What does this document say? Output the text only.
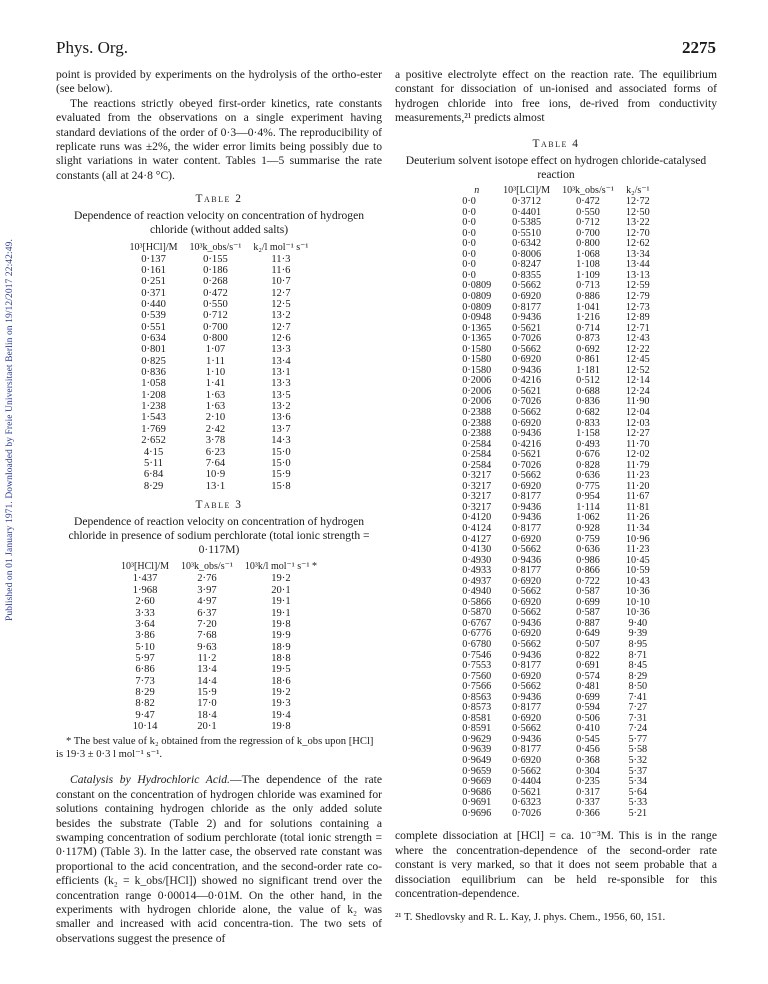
Published on 01 January 1971. Downloaded by Freie Universitaet Berlin on 19/12/2017 22:42:49.
Phys. Org.	2275

point is provided by experiments on the hydrolysis of the ortho-ester (see below).

The reactions strictly obeyed first-order kinetics, rate constants evaluated from the observations on a single experiment having standard deviations of the order of 0·3—0·4%. The reproducibility of replicate runs was ±2%, the wider error limits being possibly due to slight variations in water content. Tables 1—5 summarise the rate constants (all at 24·8 °C).

Table 2

Dependence of reaction velocity on concentration of hydrogen chloride (without added salts)

10³[HCl]/M	10³k_obs/s⁻¹	k₂/l mol⁻¹ s⁻¹
0·137	0·155	11·3
0·161	0·186	11·6
0·251	0·268	10·7
0·371	0·472	12·7
0·440	0·550	12·5
0·539	0·712	13·2
0·551	0·700	12·7
0·634	0·800	12·6
0·801	1·07	13·3
0·825	1·11	13·4
0·836	1·10	13·1
1·058	1·41	13·3
1·208	1·63	13·5
1·238	1·63	13·2
1·543	2·10	13·6
1·769	2·42	13·7
2·652	3·78	14·3
4·15	6·23	15·0
5·11	7·64	15·0
6·84	10·9	15·9
8·29	13·1	15·8

Table 3

Dependence of reaction velocity on concentration of hydrogen chloride in presence of sodium perchlorate (total ionic strength = 0·117M)

10³[HCl]/M	10³k_obs/s⁻¹	10³k/l mol⁻¹ s⁻¹ *
1·437	2·76	19·2
1·968	3·97	20·1
2·60	4·97	19·1
3·33	6·37	19·1
3·64	7·20	19·8
3·86	7·68	19·9
5·10	9·63	18·9
5·97	11·2	18·8
6·86	13·4	19·5
7·73	14·4	18·6
8·29	15·9	19·2
8·82	17·0	19·3
9·47	18·4	19·4
10·14	20·1	19·8

* The best value of k₂ obtained from the regression of k_obs upon [HCl] is 19·3 ± 0·3 l mol⁻¹ s⁻¹.

Catalysis by Hydrochloric Acid.—The dependence of the rate constant on the concentration of hydrogen chloride was examined for solutions containing hydrogen chloride as the only added solute besides the substrate (Table 2) and for solutions containing a swamping concentration of sodium perchlorate (total ionic strength = 0·117M) (Table 3). In the latter case, the observed rate constant was proportional to the acid concentration, and the second-order rate co-efficients (k₂ = k_obs/[HCl]) showed no significant trend over the concentration range 0·00014—0·01M. On the other hand, in the experiments with hydrogen chloride alone, the value of k₂ was smaller and increased with acid concentra-tion. The two sets of observations suggest the presence of

a positive electrolyte effect on the reaction rate. The equilibrium constant for dissociation of un-ionised and associated forms of hydrogen chloride into free ions, de-rived from conductivity measurements,²¹ predicts almost

Table 4

Deuterium solvent isotope effect on hydrogen chloride-catalysed reaction

n	10³[LCl]/M	10³k_obs/s⁻¹	k₂/s⁻¹
0·0	0·3712	0·472	12·72
0·0	0·4401	0·550	12·50
0·0	0·5385	0·712	13·22
0·0	0·5510	0·700	12·70
0·0	0·6342	0·800	12·62
0·0	0·8006	1·068	13·34
0·0	0·8247	1·108	13·44
0·0	0·8355	1·109	13·13
0·0809	0·5662	0·713	12·59
0·0809	0·6920	0·886	12·79
0·0809	0·8177	1·041	12·73
0·0948	0·9436	1·216	12·89
0·1365	0·5621	0·714	12·71
0·1365	0·7026	0·873	12·43
0·1580	0·5662	0·692	12·22
0·1580	0·6920	0·861	12·45
0·1580	0·9436	1·181	12·52
0·2006	0·4216	0·512	12·14
0·2006	0·5621	0·688	12·24
0·2006	0·7026	0·836	11·90
0·2388	0·5662	0·682	12·04
0·2388	0·6920	0·833	12·03
0·2388	0·9436	1·158	12·27
0·2584	0·4216	0·493	11·70
0·2584	0·5621	0·676	12·02
0·2584	0·7026	0·828	11·79
0·3217	0·5662	0·636	11·23
0·3217	0·6920	0·775	11·20
0·3217	0·8177	0·954	11·67
0·3217	0·9436	1·114	11·81
0·4120	0·9436	1·062	11·26
0·4124	0·8177	0·928	11·34
0·4127	0·6920	0·759	10·96
0·4130	0·5662	0·636	11·23
0·4930	0·9436	0·986	10·45
0·4933	0·8177	0·866	10·59
0·4937	0·6920	0·722	10·43
0·4940	0·5662	0·587	10·36
0·5866	0·6920	0·699	10·10
0·5870	0·5662	0·587	10·36
0·6767	0·9436	0·887	9·40
0·6776	0·6920	0·649	9·39
0·6780	0·5662	0·507	8·95
0·7546	0·9436	0·822	8·71
0·7553	0·8177	0·691	8·45
0·7560	0·6920	0·574	8·29
0·7566	0·5662	0·481	8·50
0·8563	0·9436	0·699	7·41
0·8573	0·8177	0·594	7·27
0·8581	0·6920	0·506	7·31
0·8591	0·5662	0·410	7·24
0·9629	0·9436	0·545	5·77
0·9639	0·8177	0·456	5·58
0·9649	0·6920	0·368	5·32
0·9659	0·5662	0·304	5·37
0·9669	0·4404	0·235	5·34
0·9686	0·5621	0·317	5·64
0·9691	0·6323	0·337	5·33
0·9696	0·7026	0·366	5·21

complete dissociation at [HCl] = ca. 10⁻³M. This is in the range where the concentration-dependence of the second-order rate constant is very marked, so that it does not seem probable that a dissociation equilibrium can be held re-sponsible for this concentration-dependence.

²¹ T. Shedlovsky and R. L. Kay, J. phys. Chem., 1956, 60, 151.
